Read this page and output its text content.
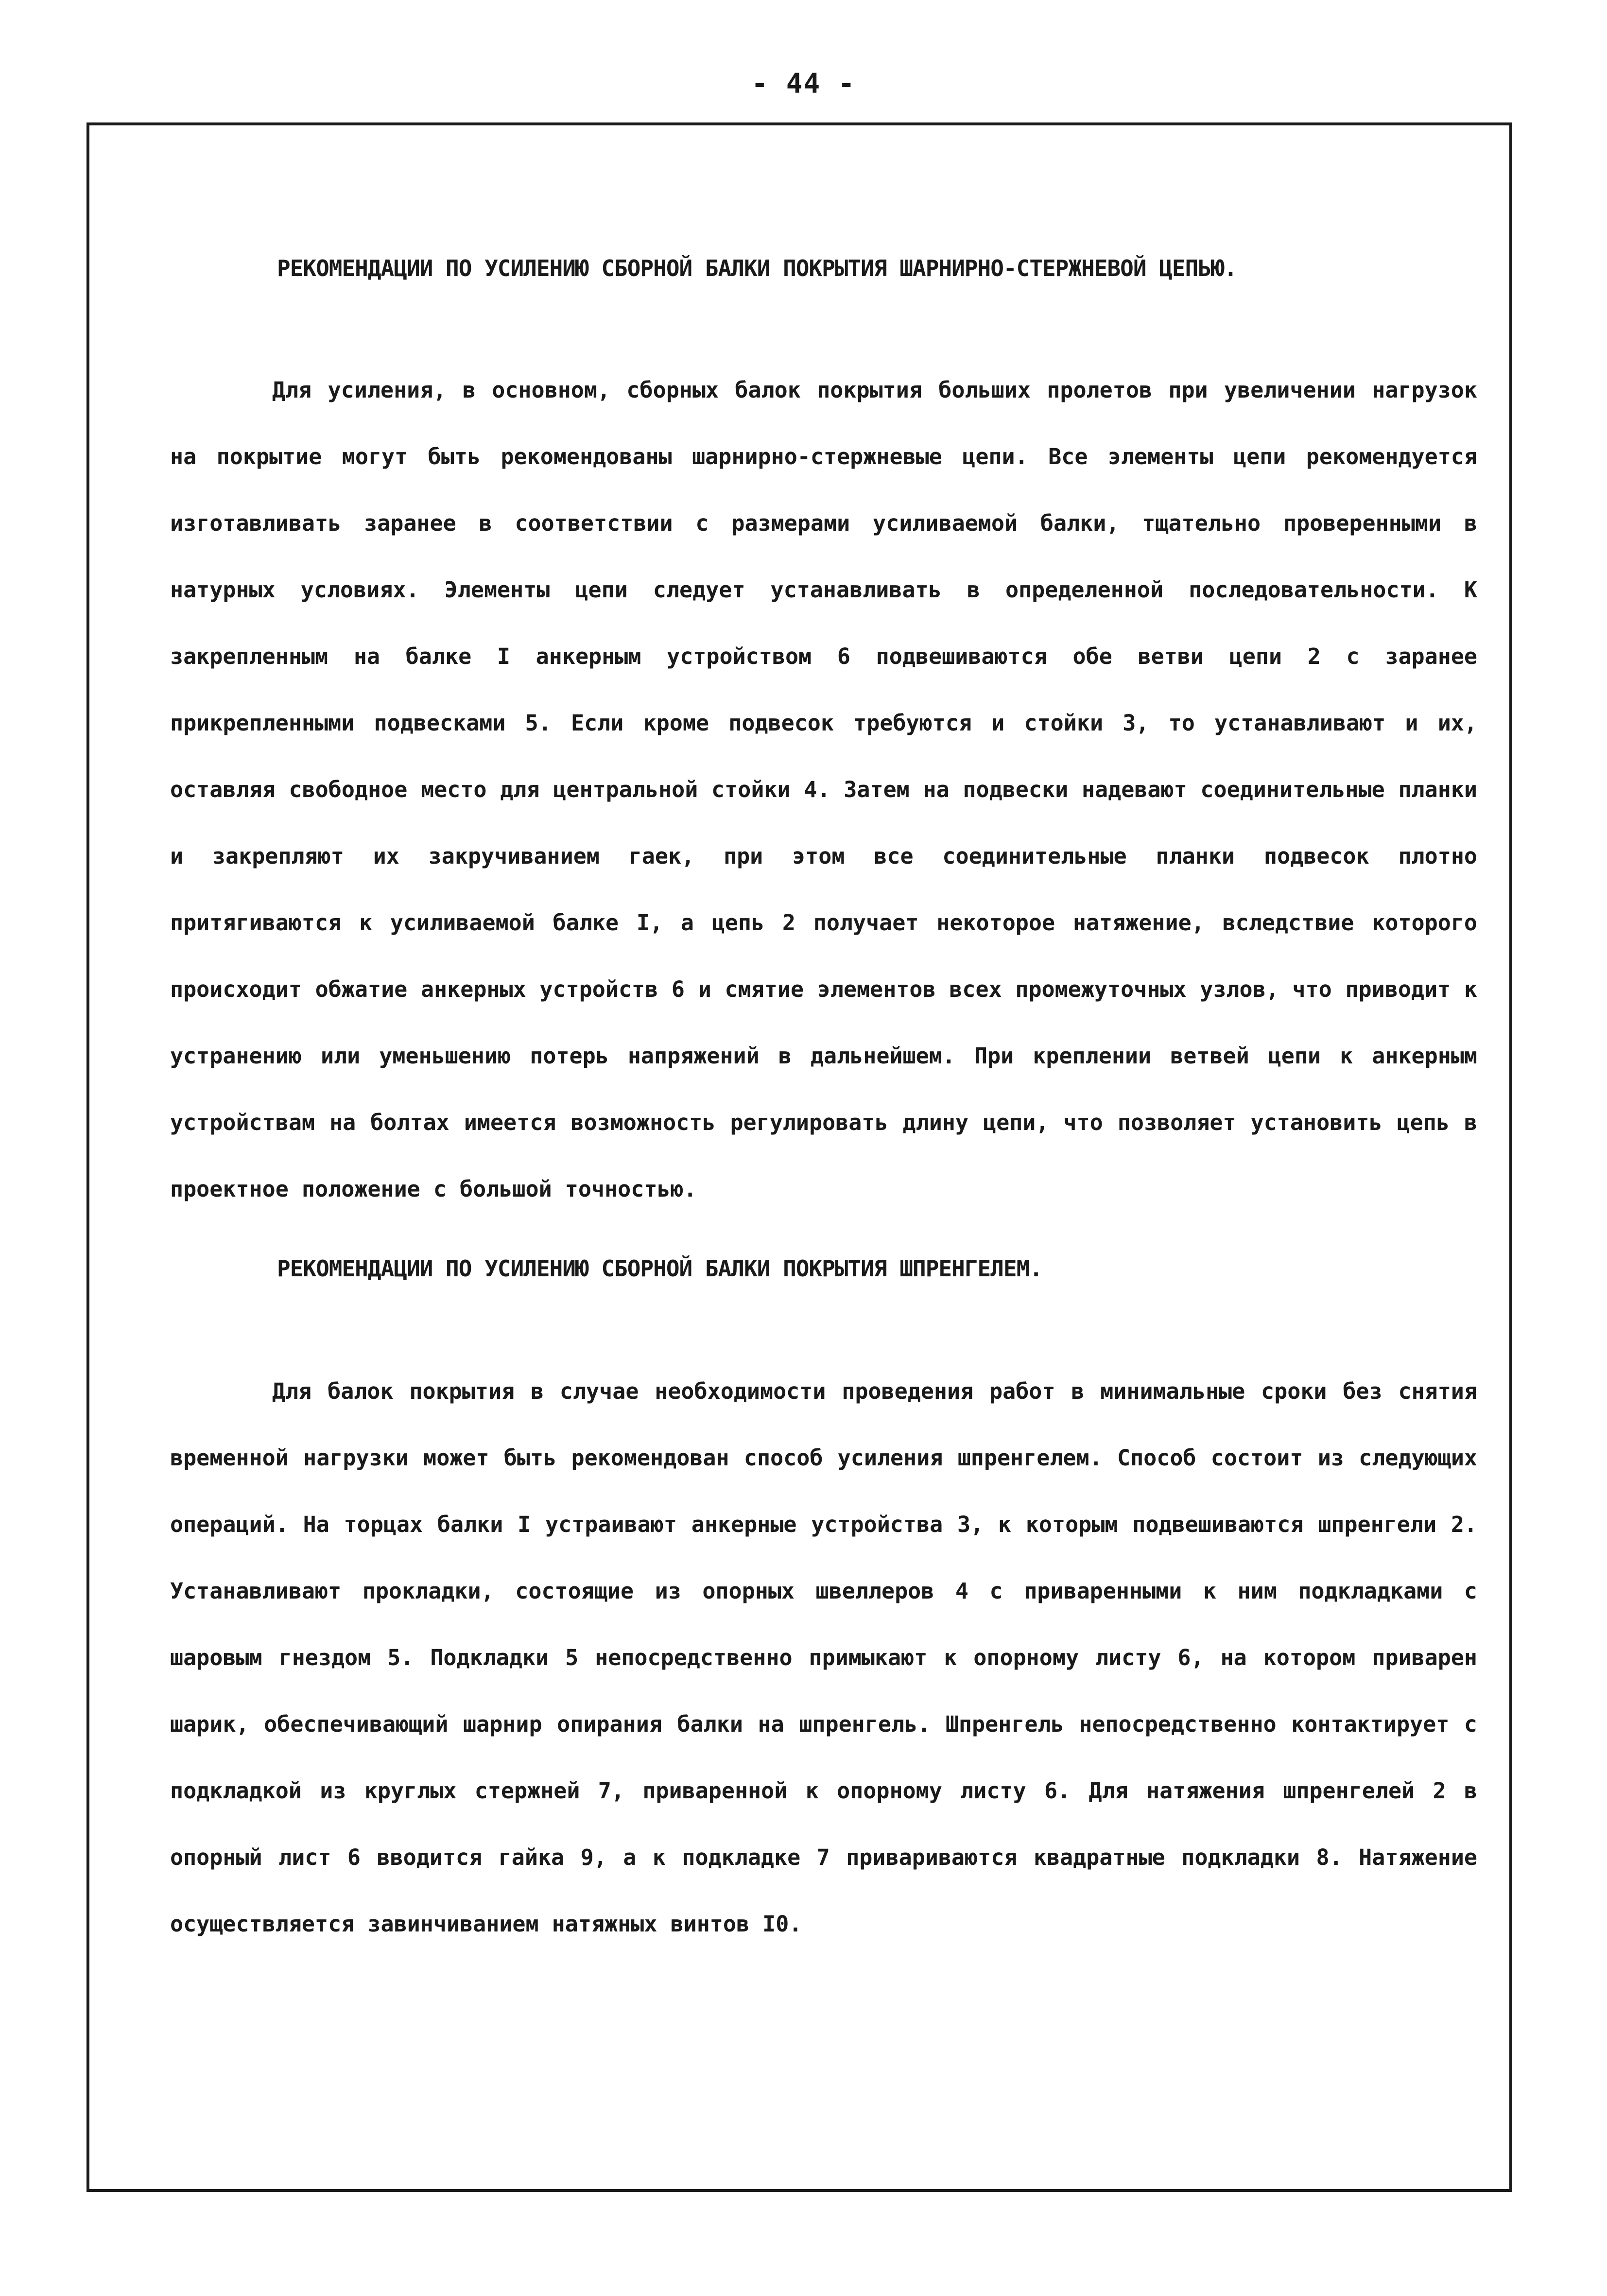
- 44 -
РЕКОМЕНДАЦИИ ПО УСИЛЕНИЮ СБОРНОЙ БАЛКИ ПОКРЫТИЯ ШАРНИРНО-СТЕРЖНЕВОЙ ЦЕПЬЮ.

Для усиления, в основном, сборных балок покрытия больших пролетов при увеличении нагрузок на покрытие могут быть рекомендованы шарнирно-стержневые цепи. Все элементы цепи рекомендуется изготавливать заранее в соответствии с размерами усиливаемой балки, тщательно проверенными в натурных условиях. Элементы цепи следует устанавливать в определенной последовательности. К закрепленным на балке I анкерным устройством 6 подвешиваются обе ветви цепи 2 с заранее прикрепленными подвесками 5. Если кроме подвесок требуются и стойки 3, то устанавливают и их, оставляя свободное место для центральной стойки 4. Затем на подвески надевают соединительные планки и закрепляют их закручиванием гаек, при этом все соединительные планки подвесок плотно притягиваются к усиливаемой балке I, а цепь 2 получает некоторое натяжение, вследствие которого происходит обжатие анкерных устройств 6 и смятие элементов всех промежуточных узлов, что приводит к устранению или уменьшению потерь напряжений в дальнейшем. При креплении ветвей цепи к анкерным устройствам на болтах имеется возможность регулировать длину цепи, что позволяет установить цепь в проектное положение с большой точностью.

РЕКОМЕНДАЦИИ ПО УСИЛЕНИЮ СБОРНОЙ БАЛКИ ПОКРЫТИЯ ШПРЕНГЕЛЕМ.

Для балок покрытия в случае необходимости проведения работ в минимальные сроки без снятия временной нагрузки может быть рекомендован способ усиления шпренгелем. Способ состоит из следующих операций. На торцах балки I устраивают анкерные устройства 3, к которым подвешиваются шпренгели 2. Устанавливают прокладки, состоящие из опорных швеллеров 4 с приваренными к ним подкладками с шаровым гнездом 5. Подкладки 5 непосредственно примыкают к опорному листу 6, на котором приварен шарик, обеспечивающий шарнир опирания балки на шпренгель. Шпренгель непосредственно контактирует с подкладкой из круглых стержней 7, приваренной к опорному листу 6. Для натяжения шпренгелей 2 в опорный лист 6 вводится гайка 9, а к подкладке 7 привариваются квадратные подкладки 8. Натяжение осуществляется завинчиванием натяжных винтов I0.
